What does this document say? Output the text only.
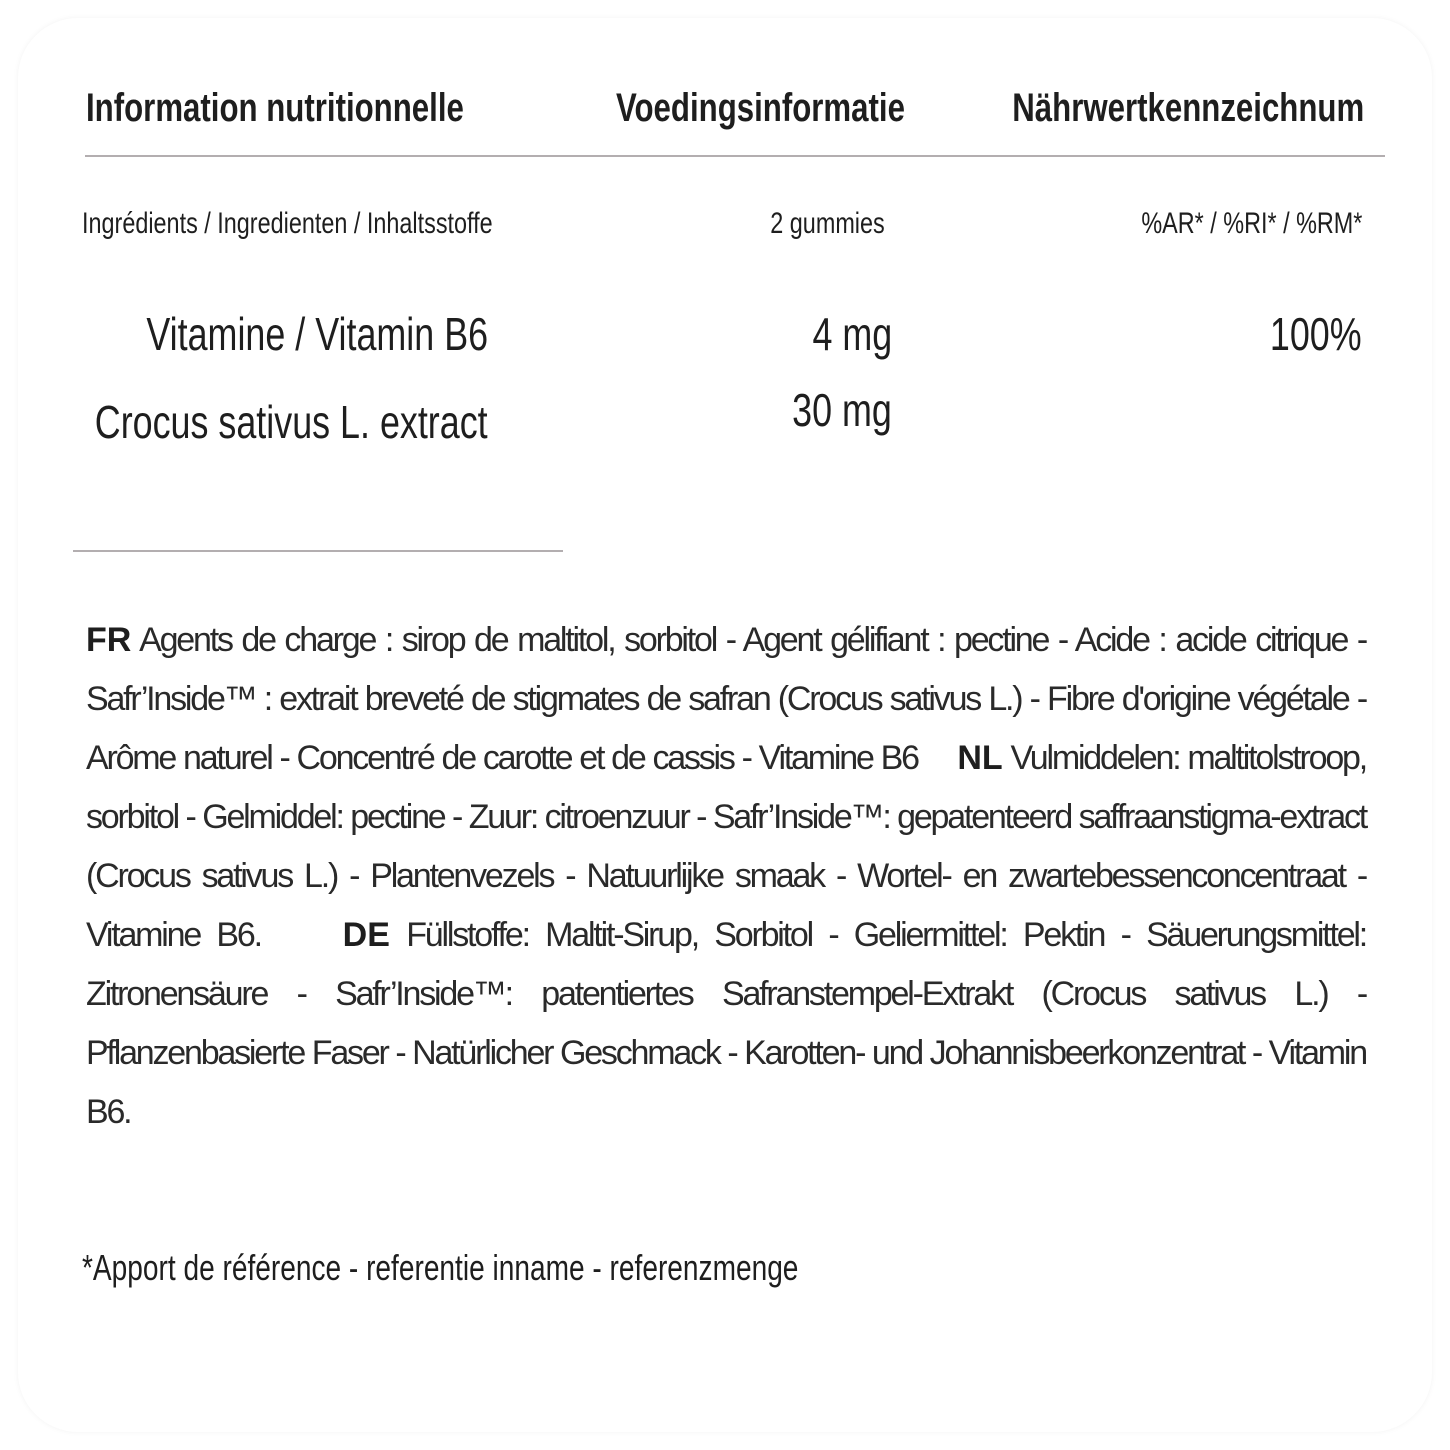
Information nutritionnelle	Voedingsinformatie	Nährwertkennzeichnum
Ingrédients / Ingredienten / Inhaltsstoffe	2 gummies	%AR* / %RI* / %RM*
Vitamine / Vitamin B6	4 mg	100%
Crocus sativus L. extract	30 mg
FR Agents de charge : sirop de maltitol, sorbitol - Agent gélifiant : pectine - Acide : acide citrique - Safr’Inside™ : extrait breveté de stigmates de safran (Crocus sativus L.) - Fibre d'origine végétale - Arôme naturel - Concentré de carotte et de cassis - Vitamine B6 NL Vulmiddelen: maltitolstroop, sorbitol - Gelmiddel: pectine - Zuur: citroenzuur - Safr’Inside™: gepatenteerd saffraanstigma-extract (Crocus sativus L.) - Plantenvezels - Natuurlijke smaak - Wortel- en zwartebessenconcentraat - Vitamine B6. DE Füllstoffe: Maltit-Sirup, Sorbitol - Geliermittel: Pektin - Säuerungsmittel: Zitronensäure - Safr’Inside™: patentiertes Safranstempel-Extrakt (Crocus sativus L.) - Pflanzenbasierte Faser - Natürlicher Geschmack - Karotten- und Johannisbeerkonzentrat - Vitamin B6.
*Apport de référence - referentie inname - referenzmenge
